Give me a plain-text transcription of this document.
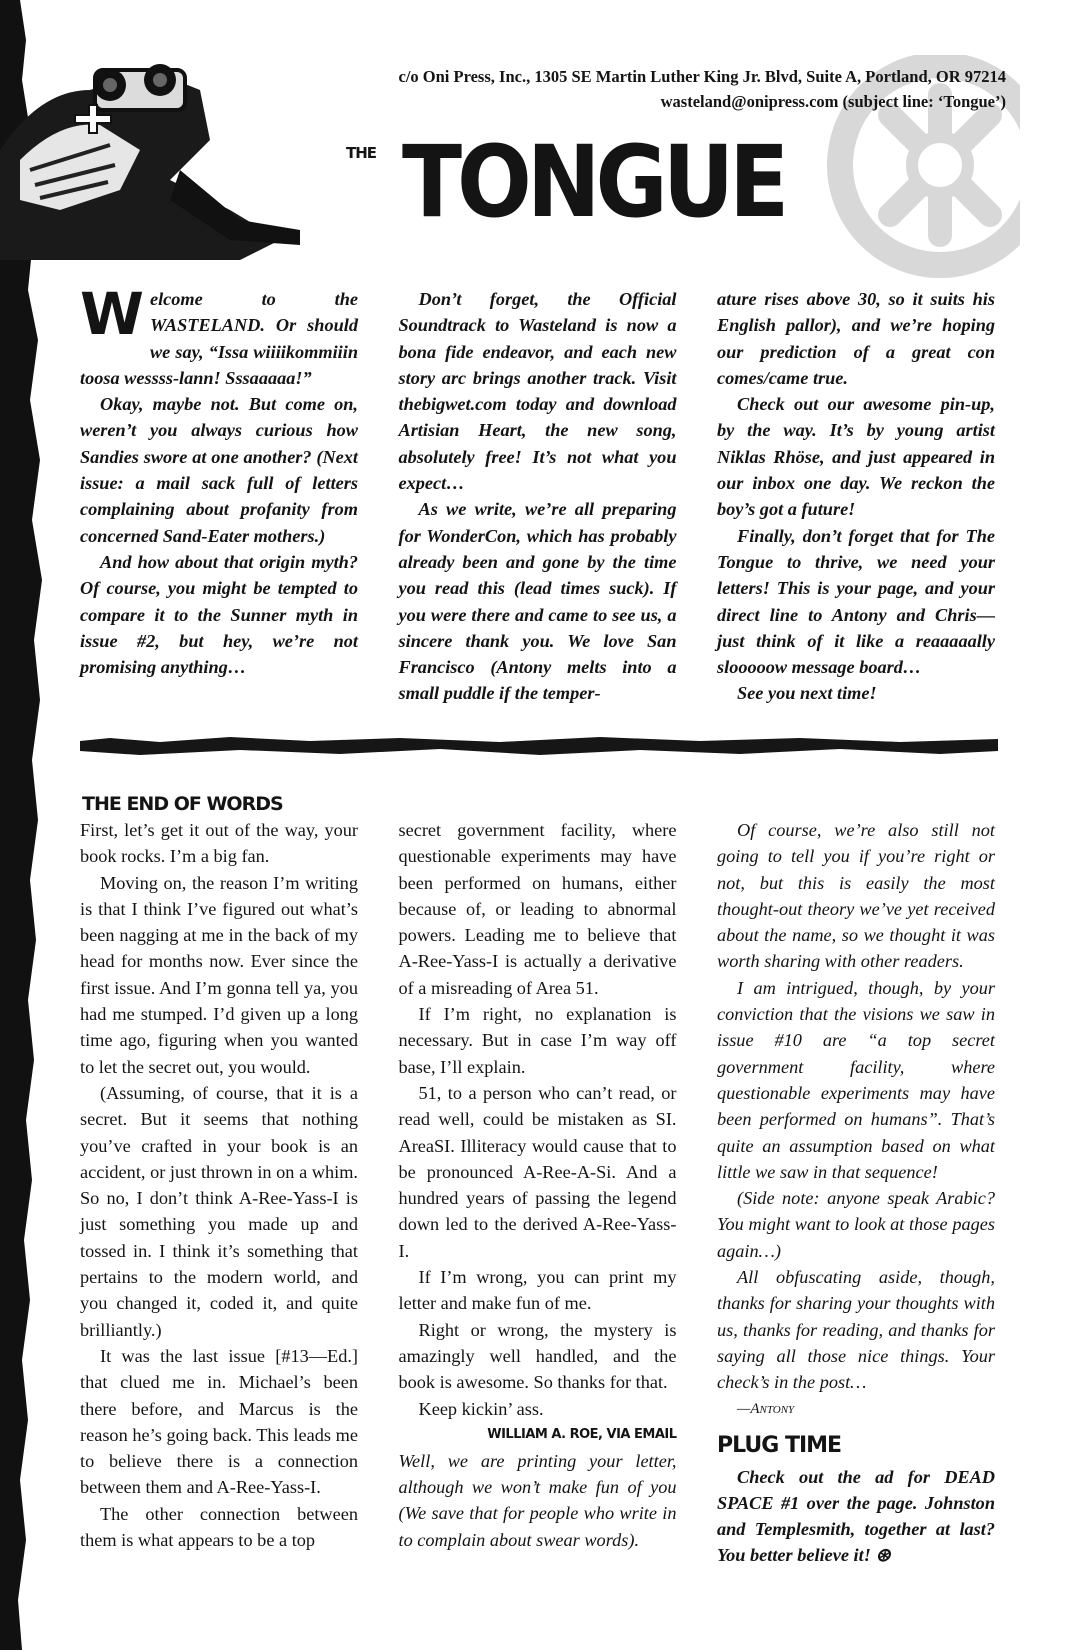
c/o Oni Press, Inc., 1305 SE Martin Luther King Jr. Blvd, Suite A, Portland, OR 97214
wasteland@onipress.com (subject line: ‘Tongue’)
THE TONGUE

Welcome to the WASTELAND. Or should we say, “Issa wiiiikommiiin toosa wessss-lann! Sssaaaaa!”

Okay, maybe not. But come on, weren’t you always curious how Sandies swore at one another? (Next issue: a mail sack full of letters complaining about profanity from concerned Sand-Eater mothers.)

And how about that origin myth? Of course, you might be tempted to compare it to the Sunner myth in issue #2, but hey, we’re not promising anything…

Don’t forget, the Official Soundtrack to Wasteland is now a bona fide endeavor, and each new story arc brings another track. Visit thebigwet.com today and download Artisian Heart, the new song, absolutely free! It’s not what you expect…

As we write, we’re all preparing for WonderCon, which has probably already been and gone by the time you read this (lead times suck). If you were there and came to see us, a sincere thank you. We love San Francisco (Antony melts into a small puddle if the temper-

ature rises above 30, so it suits his English pallor), and we’re hoping our prediction of a great con comes/came true.

Check out our awesome pin-up, by the way. It’s by young artist Niklas Rhöse, and just appeared in our inbox one day. We reckon the boy’s got a future!

Finally, don’t forget that for The Tongue to thrive, we need your letters! This is your page, and your direct line to Antony and Chris—just think of it like a reaaaaally slooooow message board…

See you next time!

THE END OF WORDS

First, let’s get it out of the way, your book rocks. I’m a big fan.

Moving on, the reason I’m writing is that I think I’ve figured out what’s been nagging at me in the back of my head for months now. Ever since the first issue. And I’m gonna tell ya, you had me stumped. I’d given up a long time ago, figuring when you wanted to let the secret out, you would.

(Assuming, of course, that it is a secret. But it seems that nothing you’ve crafted in your book is an accident, or just thrown in on a whim. So no, I don’t think A-Ree-Yass-I is just something you made up and tossed in. I think it’s something that pertains to the modern world, and you changed it, coded it, and quite brilliantly.)

It was the last issue [#13—Ed.] that clued me in. Michael’s been there before, and Marcus is the reason he’s going back. This leads me to believe there is a connection between them and A-Ree-Yass-I.

The other connection between them is what appears to be a top

secret government facility, where questionable experiments may have been performed on humans, either because of, or leading to abnormal powers. Leading me to believe that A-Ree-Yass-I is actually a derivative of a misreading of Area 51.

If I’m right, no explanation is necessary. But in case I’m way off base, I’ll explain.

51, to a person who can’t read, or read well, could be mistaken as SI. AreaSI. Illiteracy would cause that to be pronounced A-Ree-A-Si. And a hundred years of passing the legend down led to the derived A-Ree-Yass-I.

If I’m wrong, you can print my letter and make fun of me.

Right or wrong, the mystery is amazingly well handled, and the book is awesome. So thanks for that.

Keep kickin’ ass.

WILLIAM A. ROE, VIA EMAIL

Well, we are printing your letter, although we won’t make fun of you (We save that for people who write in to complain about swear words).

Of course, we’re also still not going to tell you if you’re right or not, but this is easily the most thought-out theory we’ve yet received about the name, so we thought it was worth sharing with other readers.

I am intrigued, though, by your conviction that the visions we saw in issue #10 are “a top secret government facility, where questionable experiments may have been performed on humans”. That’s quite an assumption based on what little we saw in that sequence!

(Side note: anyone speak Arabic? You might want to look at those pages again…)

All obfuscating aside, though, thanks for sharing your thoughts with us, thanks for reading, and thanks for saying all those nice things. Your check’s in the post…

—Antony
PLUG TIME

Check out the ad for DEAD SPACE #1 over the page. Johnston and Templesmith, together at last? You better believe it! ⊛
